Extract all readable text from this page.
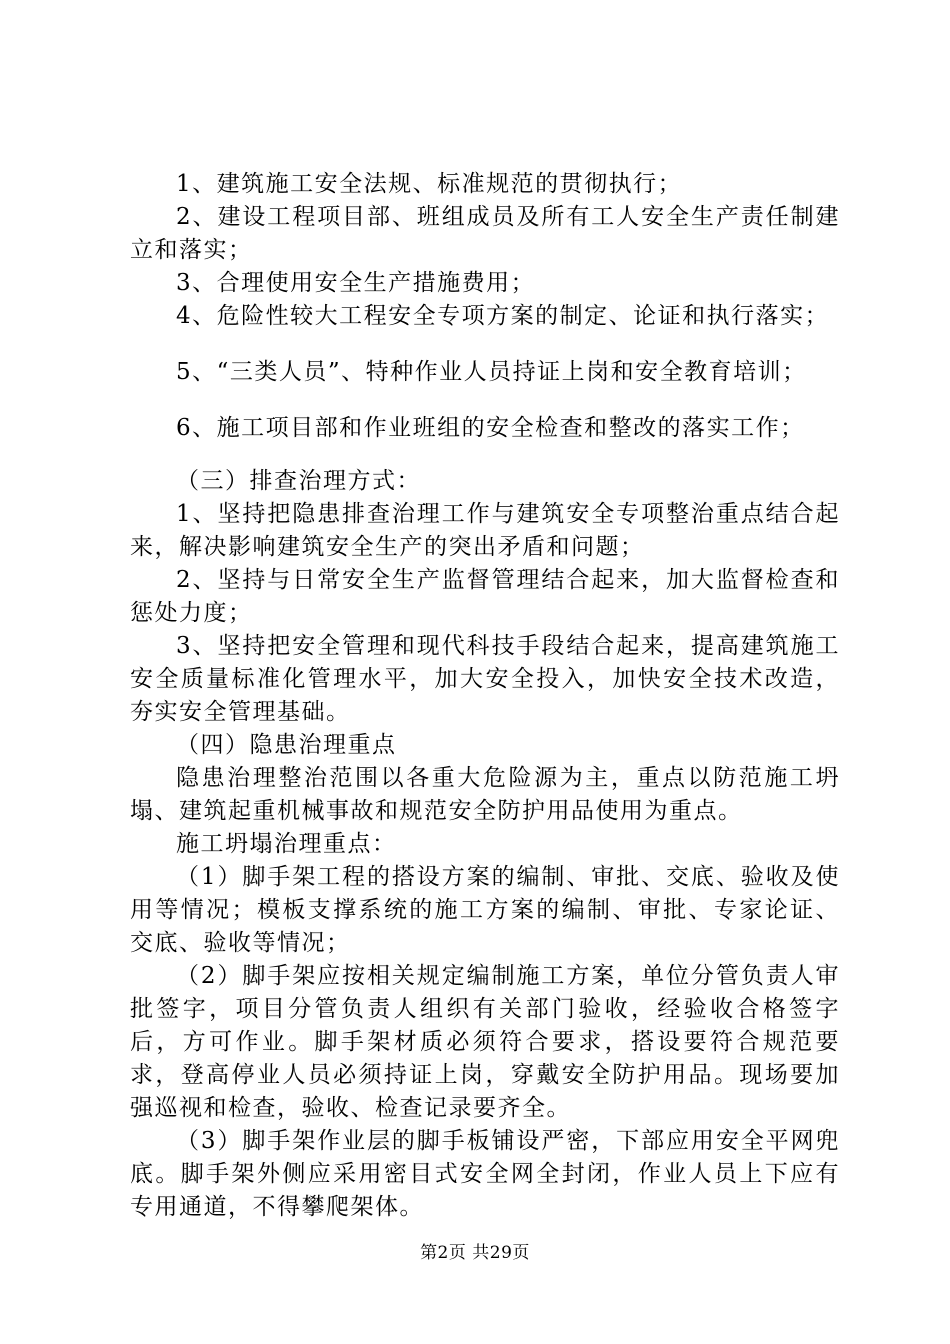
1、建筑施工安全法规、标准规范的贯彻执行；

2、建设工程项目部、班组成员及所有工人安全生产责任制建立和落实；

3、合理使用安全生产措施费用；

4、危险性较大工程安全专项方案的制定、论证和执行落实；

5、“三类人员”、特种作业人员持证上岗和安全教育培训；

6、施工项目部和作业班组的安全检查和整改的落实工作；

（三）排查治理方式：

1、坚持把隐患排查治理工作与建筑安全专项整治重点结合起来，解决影响建筑安全生产的突出矛盾和问题；

2、坚持与日常安全生产监督管理结合起来，加大监督检查和惩处力度；

3、坚持把安全管理和现代科技手段结合起来，提高建筑施工安全质量标准化管理水平，加大安全投入，加快安全技术改造，夯实安全管理基础。

（四）隐患治理重点

隐患治理整治范围以各重大危险源为主，重点以防范施工坍塌、建筑起重机械事故和规范安全防护用品使用为重点。

施工坍塌治理重点：

（1）脚手架工程的搭设方案的编制、审批、交底、验收及使用等情况；模板支撑系统的施工方案的编制、审批、专家论证、交底、验收等情况；

（2）脚手架应按相关规定编制施工方案，单位分管负责人审批签字，项目分管负责人组织有关部门验收，经验收合格签字后，方可作业。脚手架材质必须符合要求，搭设要符合规范要求，登高停业人员必须持证上岗，穿戴安全防护用品。现场要加强巡视和检查，验收、检查记录要齐全。

（3）脚手架作业层的脚手板铺设严密，下部应用安全平网兜底。脚手架外侧应采用密目式安全网全封闭，作业人员上下应有专用通道，不得攀爬架体。

第2页 共29页
